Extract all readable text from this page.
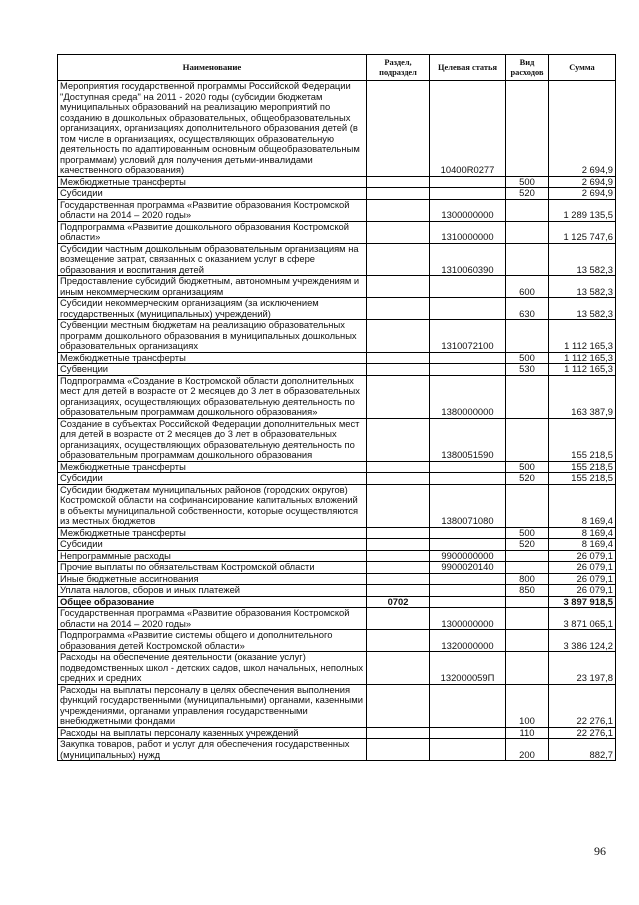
Наименование	Раздел, подраздел	Целевая статья	Вид расходов	Сумма
Мероприятия государственной программы Российской Федерации "Доступная среда" на 2011 - 2020 годы (субсидии бюджетам муниципальных образований на реализацию мероприятий по созданию в дошкольных образовательных, общеобразовательных организациях, организациях дополнительного образования детей (в том числе в организациях, осуществляющих образовательную деятельность по адаптированным основным общеобразовательным программам) условий для получения детьми-инвалидами качественного образования)		10400R0277		2 694,9
Межбюджетные трансферты			500	2 694,9
Субсидии			520	2 694,9
Государственная программа «Развитие образования Костромской области на 2014 – 2020 годы»		1300000000		1 289 135,5
Подпрограмма «Развитие дошкольного образования Костромской области»		1310000000		1 125 747,6
Субсидии частным дошкольным образовательным организациям на возмещение затрат, связанных с оказанием услуг в сфере образования и воспитания детей		1310060390		13 582,3
Предоставление субсидий бюджетным, автономным учреждениям и иным некоммерческим организациям			600	13 582,3
Субсидии некоммерческим организациям (за исключением государственных (муниципальных) учреждений)			630	13 582,3
Субвенции местным бюджетам на реализацию образовательных программ дошкольного образования в муниципальных дошкольных образовательных организациях		1310072100		1 112 165,3
Межбюджетные трансферты			500	1 112 165,3
Субвенции			530	1 112 165,3
Подпрограмма «Создание в Костромской области дополнительных мест для детей в возрасте от 2 месяцев до 3 лет в образовательных организациях, осуществляющих образовательную деятельность по образовательным программам дошкольного образования»		1380000000		163 387,9
Создание в субъектах Российской Федерации дополнительных мест для детей в возрасте от 2 месяцев до 3 лет в образовательных организациях, осуществляющих образовательную деятельность по образовательным программам дошкольного образования		1380051590		155 218,5
Межбюджетные трансферты			500	155 218,5
Субсидии			520	155 218,5
Субсидии бюджетам муниципальных районов (городских округов) Костромской области на софинансирование капитальных вложений в объекты муниципальной собственности, которые осуществляются из местных бюджетов		1380071080		8 169,4
Межбюджетные трансферты			500	8 169,4
Субсидии			520	8 169,4
Непрограммные расходы		9900000000		26 079,1
Прочие выплаты по обязательствам Костромской области		9900020140		26 079,1
Иные бюджетные ассигнования			800	26 079,1
Уплата налогов, сборов и иных платежей			850	26 079,1
Общее образование	0702			3 897 918,5
Государственная программа «Развитие образования Костромской области на 2014 – 2020 годы»		1300000000		3 871 065,1
Подпрограмма «Развитие системы общего и дополнительного образования детей Костромской области»		1320000000		3 386 124,2
Расходы на обеспечение деятельности (оказание услуг) подведомственных школ - детских садов, школ начальных, неполных средних и средних		132000059П		23 197,8
Расходы на выплаты персоналу в целях обеспечения выполнения функций государственными (муниципальными) органами, казенными учреждениями, органами управления государственными внебюджетными фондами			100	22 276,1
Расходы на выплаты персоналу казенных учреждений			110	22 276,1
Закупка товаров, работ и услуг для обеспечения государственных (муниципальных) нужд			200	882,7
96
